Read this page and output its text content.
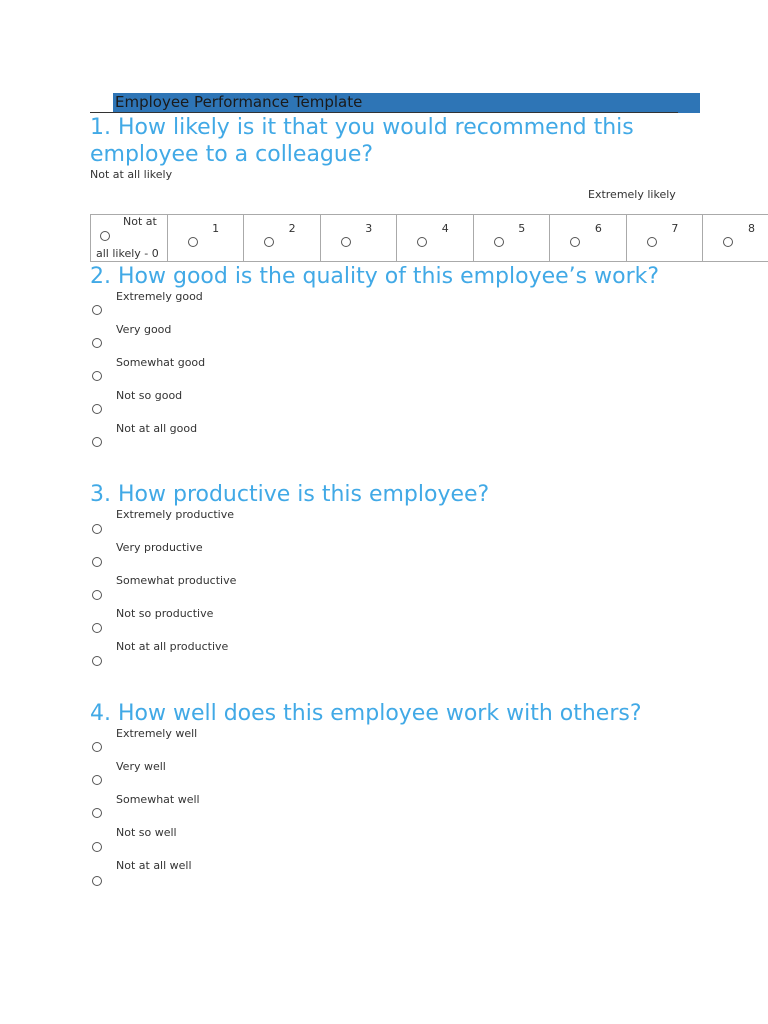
Employee Performance Template
1. How likely is it that you would recommend this employee to a colleague?
Not at all likely
Extremely likely
Not at
all likely - 0

1	2	3	4	5	6	7	8
2. How good is the quality of this employee’s work?
Extremely good
Very good
Somewhat good
Not so good
Not at all good
3. How productive is this employee?
Extremely productive
Very productive
Somewhat productive
Not so productive
Not at all productive
4. How well does this employee work with others?
Extremely well
Very well
Somewhat well
Not so well
Not at all well
